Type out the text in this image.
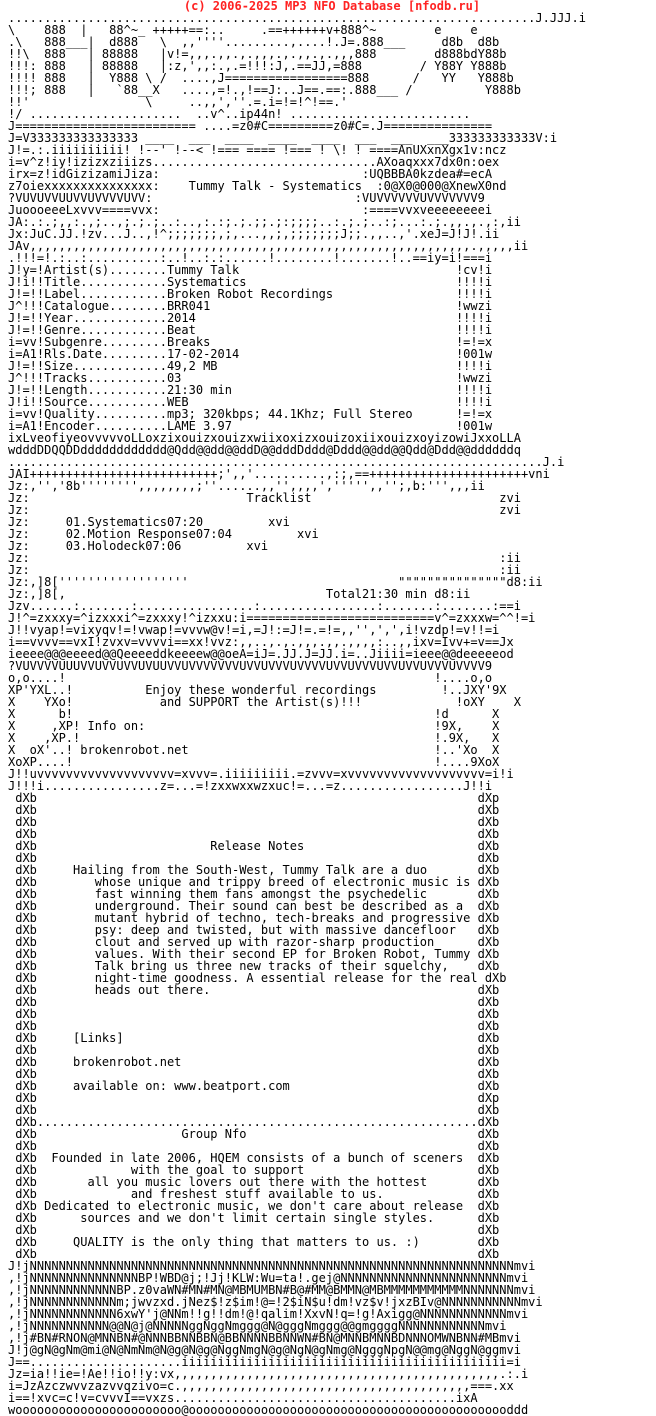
(c) 2006-2025 MP3 NFO Database [nfodb.ru]
.........................................................................J.JJJ.i
\    888  |   88^~_ +++++==:..     .==++++++v+888^~        e    e
.\   888___|  d888   \  ,,''''.........,....!.J=.888___     d8b  d8b
!!\  888   | 88888   |v!=,,,.,,.,.,,,.,.,,.,.,,,888        d888bdY88b
!!!: 888   | 88888   |:z,',,:.,.=!!!:J,.==JJ,=888        / Y88Y Y888b
!!!! 888   |  Y888 \ /  ....,J=================888      /   YY   Y888b
!!!; 888   |   `88__X   ....,=!.,!==J:..J==.==:.888___ /          Y888b
!!'                \     ..,,',''.=.i=!=!^!==.'
!/ .....................  ..v^..ip44n! .........................
J========================= ....=z0#C=========z0#C=.J===============
J=V333333333333333 ____  ___  ____  ____  ____  ___  ___  ___333333333333V:i
J!=.:.iiiiiiiiii! !--' !--< !=== ==== !=== ! \! ! ====AnUXxnXgx1v:ncz
i=v^z!iy!izizxziiizs...............................AXoaqxxx7dx0n:oex
irx=z!idGizizamiJiza:                            :UQBBBA0kzdea#=ecA
z7oiexxxxxxxxxxxxxxx:    Tummy Talk - Systematics  :0@X0@000@XnewX0nd
?VUVUVVUUVVUVVVVUVV:                            :VUVVVVVVUVVVVVVV9
JuoooeeeLxvvv====vvx:                            :====vvxveeeeeeeei
JA:.:.;,,:.,;..,;.;.;..:..,:.:;.;.;;.;:;;;;..:.;.;..:;...:.;.,,.,.,:,ii
Jx:JuC.JJ.!zv...J..,!^;;;;;;;,;,...,,;,;;;;;;;J;;.,,..,'.xeJ=J!J!.ii
JAv,,,,,,,,,,,,,,,,,,,,,,,,,,,,,,,,,,,,,,,,,,,,,,,,,,,,,,,,,,,,,.,,,,,ii
.!!!=!.:..:..........:..!..:.:......!........!.......!..==iy=i!===i
J!y=!Artist(s)........Tummy Talk	!cv!i
J!i!!Title............Systematics	!!!!i
J!=!!Label............Broken Robot Recordings	!!!!i
J^!!!Catalogue........BRR041	!wwzi
J!=!!Year.............2014	!!!!i
J!=!!Genre............Beat	!!!!i
i=vv!Subgenre.........Breaks	!=!=x
i=A1!Rls.Date.........17-02-2014	!001w
J!=!!Size.............49,2 MB	!!!!i
J^!!!Tracks...........03	!wwzi
J!=!!Length...........21:30 min	!!!!i
J!i!!Source...........WEB	!!!!i
i=vv!Quality..........mp3; 320kbps; 44.1Khz; Full Stereo	!=!=x
i=A1!Encoder..........LAME 3.97	!001w
ixLveofiyeovvvvvoLLoxzixouizxouizxwiixoxizxouizoxiixouizxoyizowiJxxoLLA
wdddDDQQDDdddddddddddd@Qdd@@dd@@ddD@@dddDddd@Dddd@@dd@@Qdd@Ddd@@ddddddq
..........................................................................J.i
JAI++++++++++++++++++++++++++;',,'..........,:;,==++++++++++++++++++++++vni
Jz:,'','8b'''''''',,,,,,,,;''......,,'',,,,',''''',,'';,b:''',,,ii
Jz:                              Tracklist                          zvi
Jz:                                                                 zvi
Jz:     01.Systematics07:20         xvi
Jz:     02.Motion Response07:04         xvi
Jz:     03.Holodeck07:06         xvi
Jz:                                                                 :ii
Jz:                                                                 :ii
Jz:,]8[''''''''''''''''''                             """""""""""""""d8:ii
Jz:,]8[,                                    Total21:30 min d8:ii
Jzv......:.......:................:................:.......:.......:==i
J!^=zxxxy=^izxxxi^=zxxxy!^izxxu:i==========================v^=zxxxw=^^!=i
J!!vyap!=vixyqv!=!vwap!=vvvw@v!=i,=J!:=J!=.=!=,,'',',',i!vzdp!=v!!=i
i==vvvv==vxI!zvxv=vvvvi==xx!vvz:,,..,.,.,,,.,,.,,,,:..,,ixv=Ivv+=v==Jx
ieeee@@@eeeed@@Qeeeeddkeeeew@@oeA=iJ=.JJ.J=JJ.i=..Jiiii=ieee@@deeeeeod
?VUVVVVUUUVVUVVUVVUVUUVVUVVVVVVVUVVUVVVUVVVVUVVUVVVUVVUVVUVVVUVVVV9
o,o....!                                                   !....o,o
XP'YXL..!          Enjoy these wonderful recordings         !..JXY'9X
X    YXo!            and SUPPORT the Artist(s)!!!             !oXY    X
X      b!                                                  !d      X
X     ,XP! Info on:                                        !9X,    X
X    ,XP.!                                                 !.9X,   X
X  oX'..! brokenrobot.net                                  !..'Xo  X
XoXP....!                                                  !....9XoX
J!!uvvvvvvvvvvvvvvvvvvv=xvvv=.iiiiiiiii.=zvvv=xvvvvvvvvvvvvvvvvvvv=i!i
J!!!i................z=...=!zxxwxxwzxuc!=...=z.................J!!i
dXb                                                             dXp
dXb                                                             dXb
dXb                                                             dXb
dXb                                                             dXb
dXb                        Release Notes                        dXb
dXb                                                             dXb
dXb     Hailing from the South-West, Tummy Talk are a duo       dXb
dXb        whose unique and trippy breed of electronic music is dXb
dXb        fast winning them fans amongst the psychedelic       dXb
dXb        underground. Their sound can best be described as a  dXb
dXb        mutant hybrid of techno, tech-breaks and progressive dXb
dXb        psy: deep and twisted, but with massive dancefloor   dXb
dXb        clout and served up with razor-sharp production      dXb
dXb        values. With their second EP for Broken Robot, Tummy dXb
dXb        Talk bring us three new tracks of their squelchy,    dXb
dXb        night-time goodness. A essential release for the real dXb
dXb        heads out there.                                     dXb
dXb                                                             dXb
dXb                                                             dXb
dXb                                                             dXb
dXb     [Links]                                                 dXb
dXb                                                             dXb
dXb     brokenrobot.net                                         dXb
dXb                                                             dXb
dXb     available on: www.beatport.com                          dXb
dXb                                                             dXp
dXb                                                             dXb
dXb.............................................................dXb
dXb                    Group Nfo                                dXb
dXb                                                             dXb
dXb  Founded in late 2006, HQEM consists of a bunch of sceners  dXb
dXb             with the goal to support                        dXb
dXb       all you music lovers out there with the hottest       dXb
dXb             and freshest stuff available to us.             dXb
dXb Dedicated to electronic music, we don't care about release  dXb
dXb      sources and we don't limit certain single styles.      dXb
dXb                                                             dXb
dXb     QUALITY is the only thing that matters to us. :)        dXb
dXb                                                             dXb
J!jNNNNNNNNNNNNNNNNNNNNNNNNNNNNNNNNNNNNNNNNNNNNNNNNNNNNNNNNNNNNNNNNNNNmvi
,!jNNNNNNNNNNNNNNNBP!WBD@j;!Jj!KLW:Wu=ta!.gej@NNNNNNNNNNNNNNNNNNNNNNNmvi
,!jNNNNNNNNNNNNBP.z0vaWN#MN#MN@MBMUMBN#B@#MM@BMMN@MBMMMMMMMMMMMNNNNNNNmvi
,!jNNNNNNNNNNNNm;jwvzxd.jNez$!z$im!@=!2$iN$u!dm!vz$v!jxzBIv@NNNNNNNNNNNmvi
,!jNNNNNNNNNNNN6xwY'j@NNm!!g!!dm!@!qalim!XxvN!q=!g!Axigg@NNNNNNNNNNNNmvi
,!jNNNNNNNNNNN@@N@j@NNNNNggNggNmggg@N@gggNmggg@@gmggggNNNNNNNNNNNNmvi
,!j#BN#RNON@MNNBN#@NNNBBNNBBN@BBNNNNBBNNWN#BN@MNNBMNNBDNNNOMWNBNN#MBmvi
J!j@gN@gNm@mi@N@NmNm@N@g@N@g@NggNmgN@g@NgN@gNmg@NgggNpgN@@mg@NggN@ggmvi
J==.....................iiiiiiiiiiiiiiiiiiiiiiiiiiiiiiiiiiiiiiiiiiiii=i
Jz=ia!!ie=!Ae!!io!!y:vx,,,,,,,,,,,,,,,,,,,,,,,,,,,,,,,,,,,,,,,,,,,,,.:.i
i=JzAzczwvvzazvvqzivo=c.,,,,,,,,,,,,,,,,,,,,,,,,,,,,,,,,,,,,,,,,===.xx
i==!xvc=c!v=cvvvI==vxzs.......................................ixA
wooooooooooooooooooooooo@ooooooooooooooooooooooooooooooooooooooooooooddd
